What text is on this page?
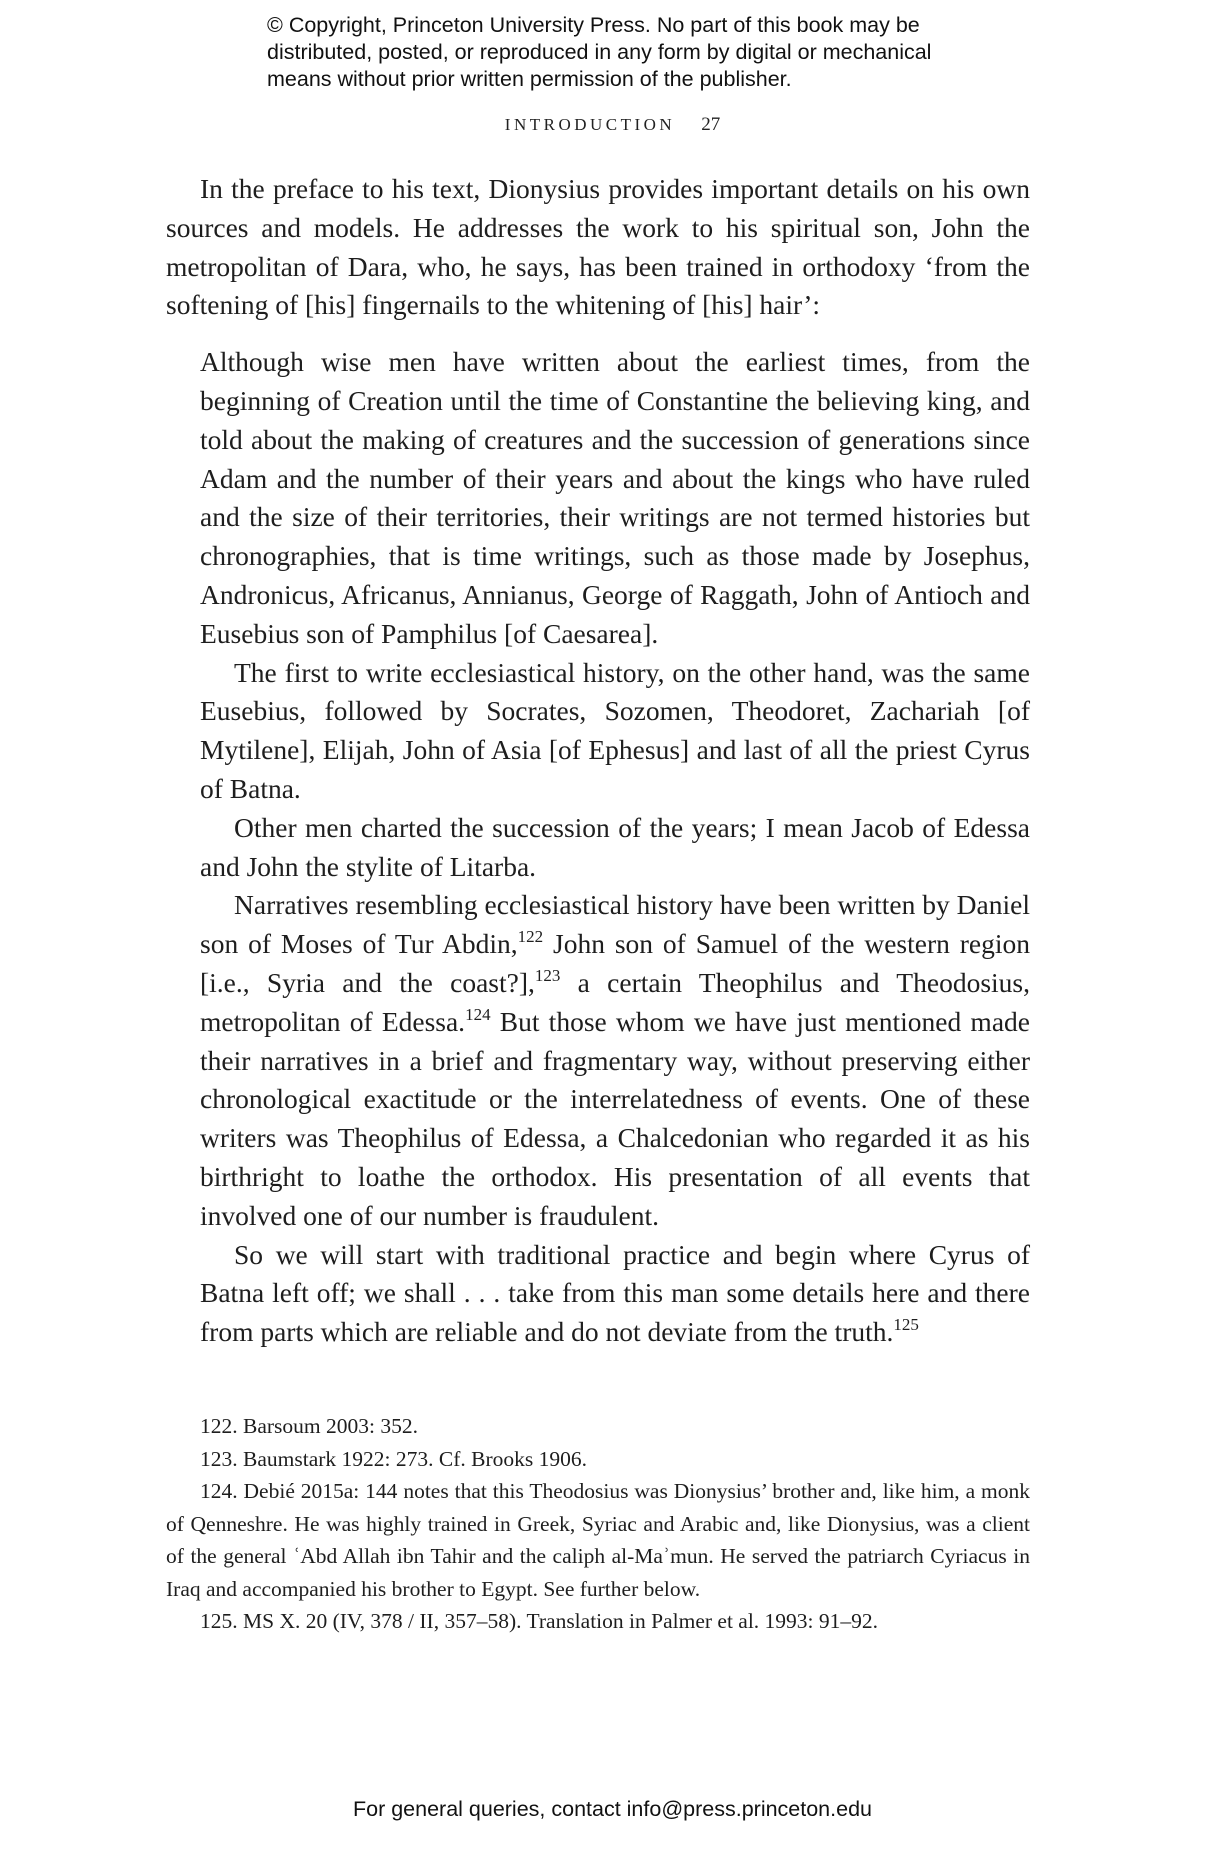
© Copyright, Princeton University Press. No part of this book may be
distributed, posted, or reproduced in any form by digital or mechanical
means without prior written permission of the publisher.
INTRODUCTION 27

In the preface to his text, Dionysius provides important details on his own sources and models. He addresses the work to his spiritual son, John the metropolitan of Dara, who, he says, has been trained in orthodoxy ‘from the softening of [his] fingernails to the whitening of [his] hair’:

Although wise men have written about the earliest times, from the beginning of Creation until the time of Constantine the believing king, and told about the making of creatures and the succession of generations since Adam and the number of their years and about the kings who have ruled and the size of their territories, their writings are not termed histories but chronographies, that is time writings, such as those made by Josephus, Andronicus, Africanus, Annianus, George of Raggath, John of Antioch and Eusebius son of Pamphilus [of Caesarea].

The first to write ecclesiastical history, on the other hand, was the same Eusebius, followed by Socrates, Sozomen, Theodoret, Zachariah [of Mytilene], Elijah, John of Asia [of Ephesus] and last of all the priest Cyrus of Batna.

Other men charted the succession of the years; I mean Jacob of Edessa and John the stylite of Litarba.

Narratives resembling ecclesiastical history have been written by Daniel son of Moses of Tur Abdin,$^{122}$ John son of Samuel of the western region [i.e., Syria and the coast?],$^{123}$ a certain Theophilus and Theodosius, metropolitan of Edessa.$^{124}$ But those whom we have just mentioned made their narratives in a brief and fragmentary way, without preserving either chronological exactitude or the interrelatedness of events. One of these writers was Theophilus of Edessa, a Chalcedonian who regarded it as his birthright to loathe the orthodox. His presentation of all events that involved one of our number is fraudulent.

So we will start with traditional practice and begin where Cyrus of Batna left off; we shall . . . take from this man some details here and there from parts which are reliable and do not deviate from the truth.$^{125}$

122. Barsoum 2003: 352.

123. Baumstark 1922: 273. Cf. Brooks 1906.

124. Debié 2015a: 144 notes that this Theodosius was Dionysius’ brother and, like him, a monk of Qenneshre. He was highly trained in Greek, Syriac and Arabic and, like Dionysius, was a client of the general ʿAbd Allah ibn Tahir and the caliph al-Maʾmun. He served the patriarch Cyriacus in Iraq and accompanied his brother to Egypt. See further below.

125. MS X. 20 (IV, 378 / II, 357–58). Translation in Palmer et al. 1993: 91–92.

For general queries, contact info@press.princeton.edu
